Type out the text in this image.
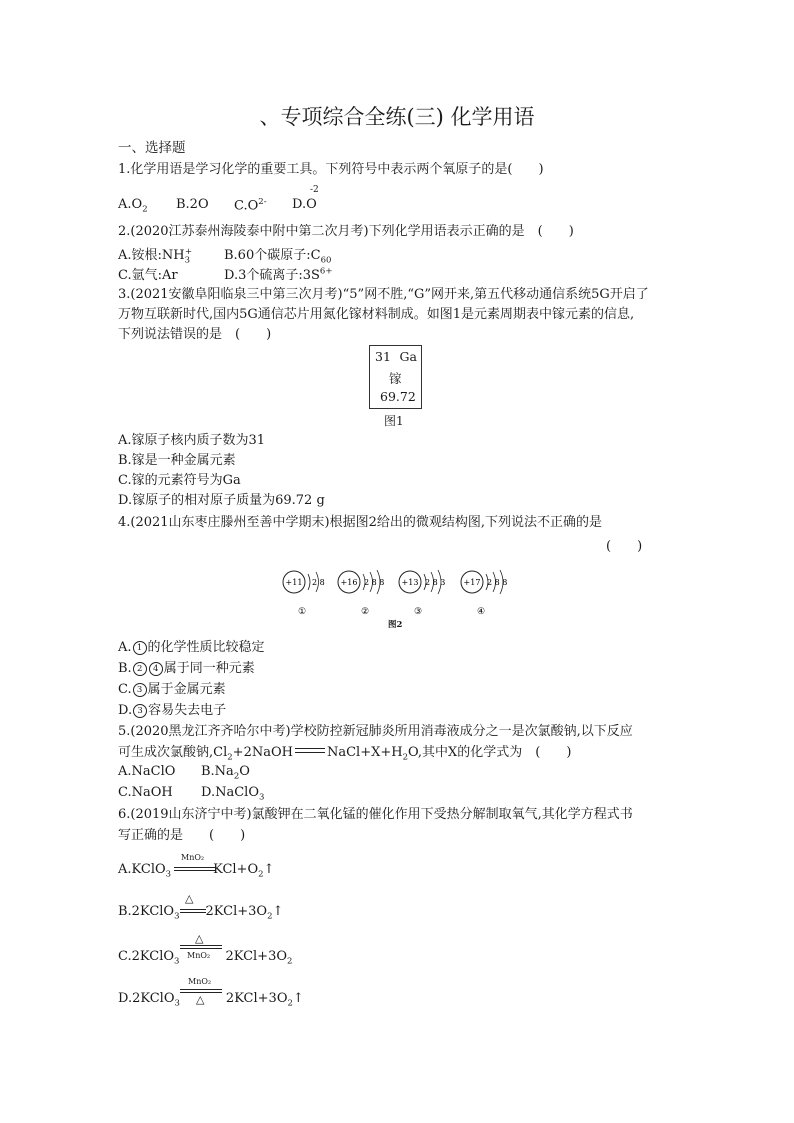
、专项综合全练(三) 化学用语
一、选择题
1.化学用语是学习化学的重要工具。下列符号中表示两个氧原子的是(　　)
$A.O_2$ B.2O $C.O^{2-}$ D.O
-2
2.(2020江苏泰州海陵泰中附中第二次月考)下列化学用语表示正确的是　(　　)
A.铵根$:NH_3^+$ B.60个碳原子$:C_{60}$
C.氩气:Ar	D.3个硫离子$:3S^{6+}$
3.(2021安徽阜阳临泉三中第三次月考)“5”网不胜,“G”网开来,第五代移动通信系统5G开启了
万物互联新时代,国内5G通信芯片用氮化镓材料制成。如图1是元素周期表中镓元素的信息,
下列说法错误的是　(　　)
31 Ga
镓
69.72
图1
A.镓原子核内质子数为31
B.镓是一种金属元素
C.镓的元素符号为Ga
D.镓原子的相对原子质量为69.72 g
4.(2021山东枣庄滕州至善中学期末)根据图2给出的微观结构图,下列说法不正确的是
(　　)
+11 2 8
①
+16 2 8 8
②
+13 2 8 3
③
+17 2 8 8
④
图2
A. 1 的化学性质比较稳定
B. 2 4 属于同一种元素
C. 3 属于金属元素
D. 3 容易失去电子
5.(2020黑龙江齐齐哈尔中考)学校防控新冠肺炎所用消毒液成分之一是次氯酸钠,以下反应
可生成次氯酸钠$,Cl_2+2NaOH$	$NaCl+X+H_2O$,其中X的化学式为　(　　)
A.NaClO $B.Na_2O$
C.NaOH D.NaClO$_3$
6.(2019山东济宁中考)氯酸钾在二氧化锰的催化作用下受热分解制取氧气,其化学方程式书
写正确的是　　(　　)
A.KClO$_3$	$KCl+O_2↑$
MnO₂
B.2KClO$_3$ $2KCl+3O_2↑$
△
C.2KClO$_3$	$2KCl+3O_2$
△
MnO₂
D.2KClO$_3$	$2KCl+3O_2↑$
MnO₂
△
